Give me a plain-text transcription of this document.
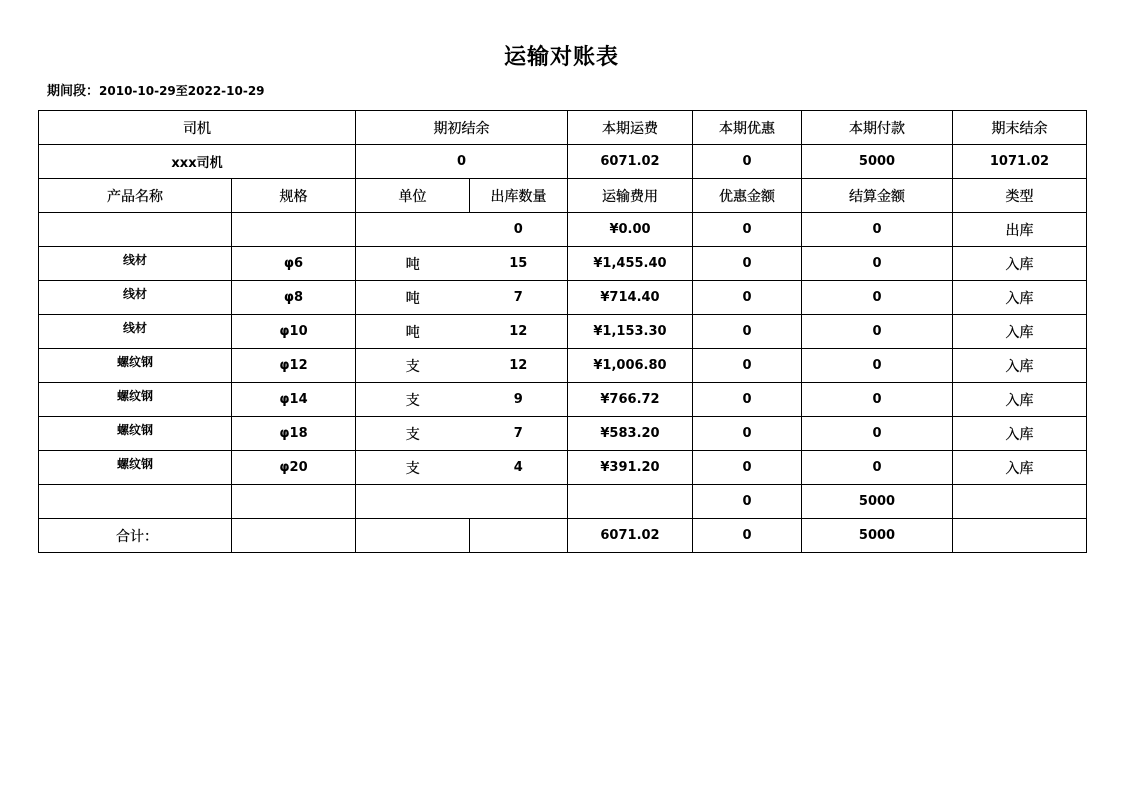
运输对账表
期间段：2010-10-29至2022-10-29
司机		期初结余		本期运费	本期优惠	本期付款	期末结余
xxx司机		0		6071.02	0	5000	1071.02
产品名称	规格	单位	出库数量	运输费用	优惠金额	结算金额	类型
			0	¥0.00	0	0	出库
线材	φ6	吨	15	¥1,455.40	0	0	入库
线材	φ8	吨	7	¥714.40	0	0	入库
线材	φ10	吨	12	¥1,153.30	0	0	入库
螺纹钢	φ12	支	12	¥1,006.80	0	0	入库
螺纹钢	φ14	支	9	¥766.72	0	0	入库
螺纹钢	φ18	支	7	¥583.20	0	0	入库
螺纹钢	φ20	支	4	¥391.20	0	0	入库
					0	5000	
合计：				6071.02	0	5000	
